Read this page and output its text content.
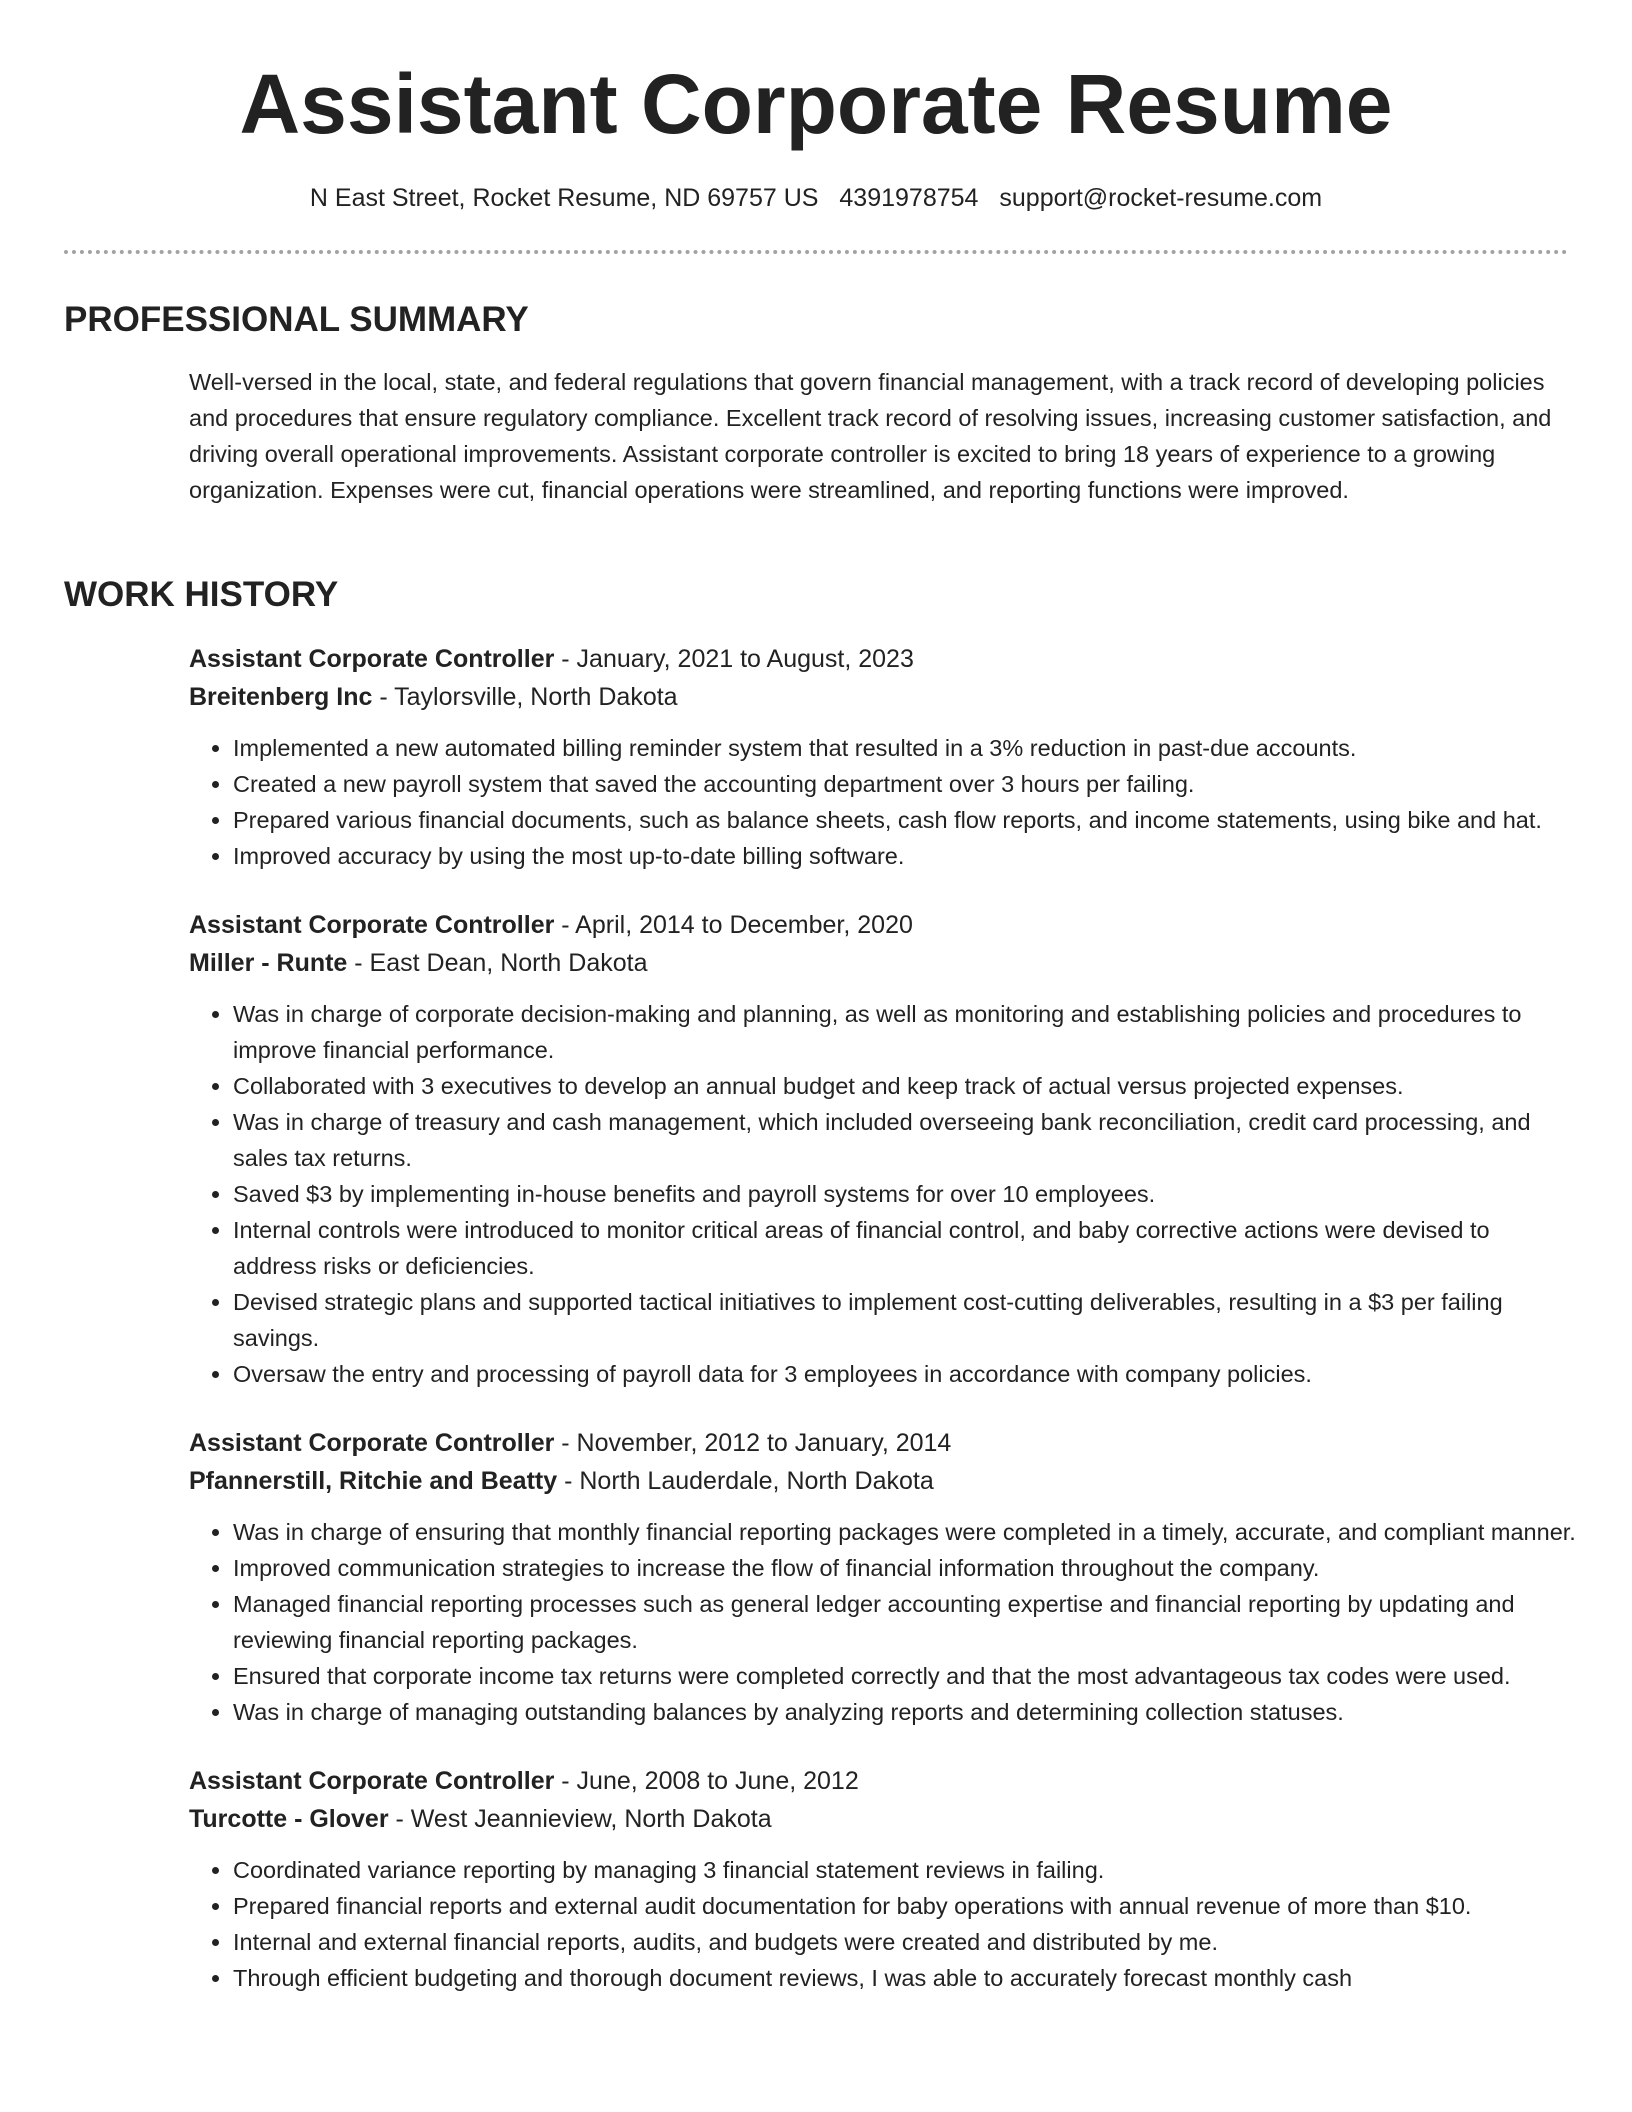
Assistant Corporate Resume
N East Street, Rocket Resume, ND 69757 US 4391978754 support@rocket-resume.com
PROFESSIONAL SUMMARY

Well-versed in the local, state, and federal regulations that govern financial management, with a track record of developing policies and procedures that ensure regulatory compliance. Excellent track record of resolving issues, increasing customer satisfaction, and driving overall operational improvements. Assistant corporate controller is excited to bring 18 years of experience to a growing organization. Expenses were cut, financial operations were streamlined, and reporting functions were improved.

WORK HISTORY

Assistant Corporate Controller - January, 2021 to August, 2023

Breitenberg Inc - Taylorsville, North Dakota

• Implemented a new automated billing reminder system that resulted in a 3% reduction in past-due accounts.
• Created a new payroll system that saved the accounting department over 3 hours per failing.
• Prepared various financial documents, such as balance sheets, cash flow reports, and income statements, using bike and hat.
• Improved accuracy by using the most up-to-date billing software.

Assistant Corporate Controller - April, 2014 to December, 2020

Miller - Runte - East Dean, North Dakota

• Was in charge of corporate decision-making and planning, as well as monitoring and establishing policies and procedures to improve financial performance.
• Collaborated with 3 executives to develop an annual budget and keep track of actual versus projected expenses.
• Was in charge of treasury and cash management, which included overseeing bank reconciliation, credit card processing, and sales tax returns.
• Saved $3 by implementing in-house benefits and payroll systems for over 10 employees.
• Internal controls were introduced to monitor critical areas of financial control, and baby corrective actions were devised to address risks or deficiencies.
• Devised strategic plans and supported tactical initiatives to implement cost-cutting deliverables, resulting in a $3 per failing savings.
• Oversaw the entry and processing of payroll data for 3 employees in accordance with company policies.

Assistant Corporate Controller - November, 2012 to January, 2014

Pfannerstill, Ritchie and Beatty - North Lauderdale, North Dakota

• Was in charge of ensuring that monthly financial reporting packages were completed in a timely, accurate, and compliant manner.
• Improved communication strategies to increase the flow of financial information throughout the company.
• Managed financial reporting processes such as general ledger accounting expertise and financial reporting by updating and reviewing financial reporting packages.
• Ensured that corporate income tax returns were completed correctly and that the most advantageous tax codes were used.
• Was in charge of managing outstanding balances by analyzing reports and determining collection statuses.

Assistant Corporate Controller - June, 2008 to June, 2012

Turcotte - Glover - West Jeannieview, North Dakota

• Coordinated variance reporting by managing 3 financial statement reviews in failing.
• Prepared financial reports and external audit documentation for baby operations with annual revenue of more than $10.
• Internal and external financial reports, audits, and budgets were created and distributed by me.
• Through efficient budgeting and thorough document reviews, I was able to accurately forecast monthly cash
